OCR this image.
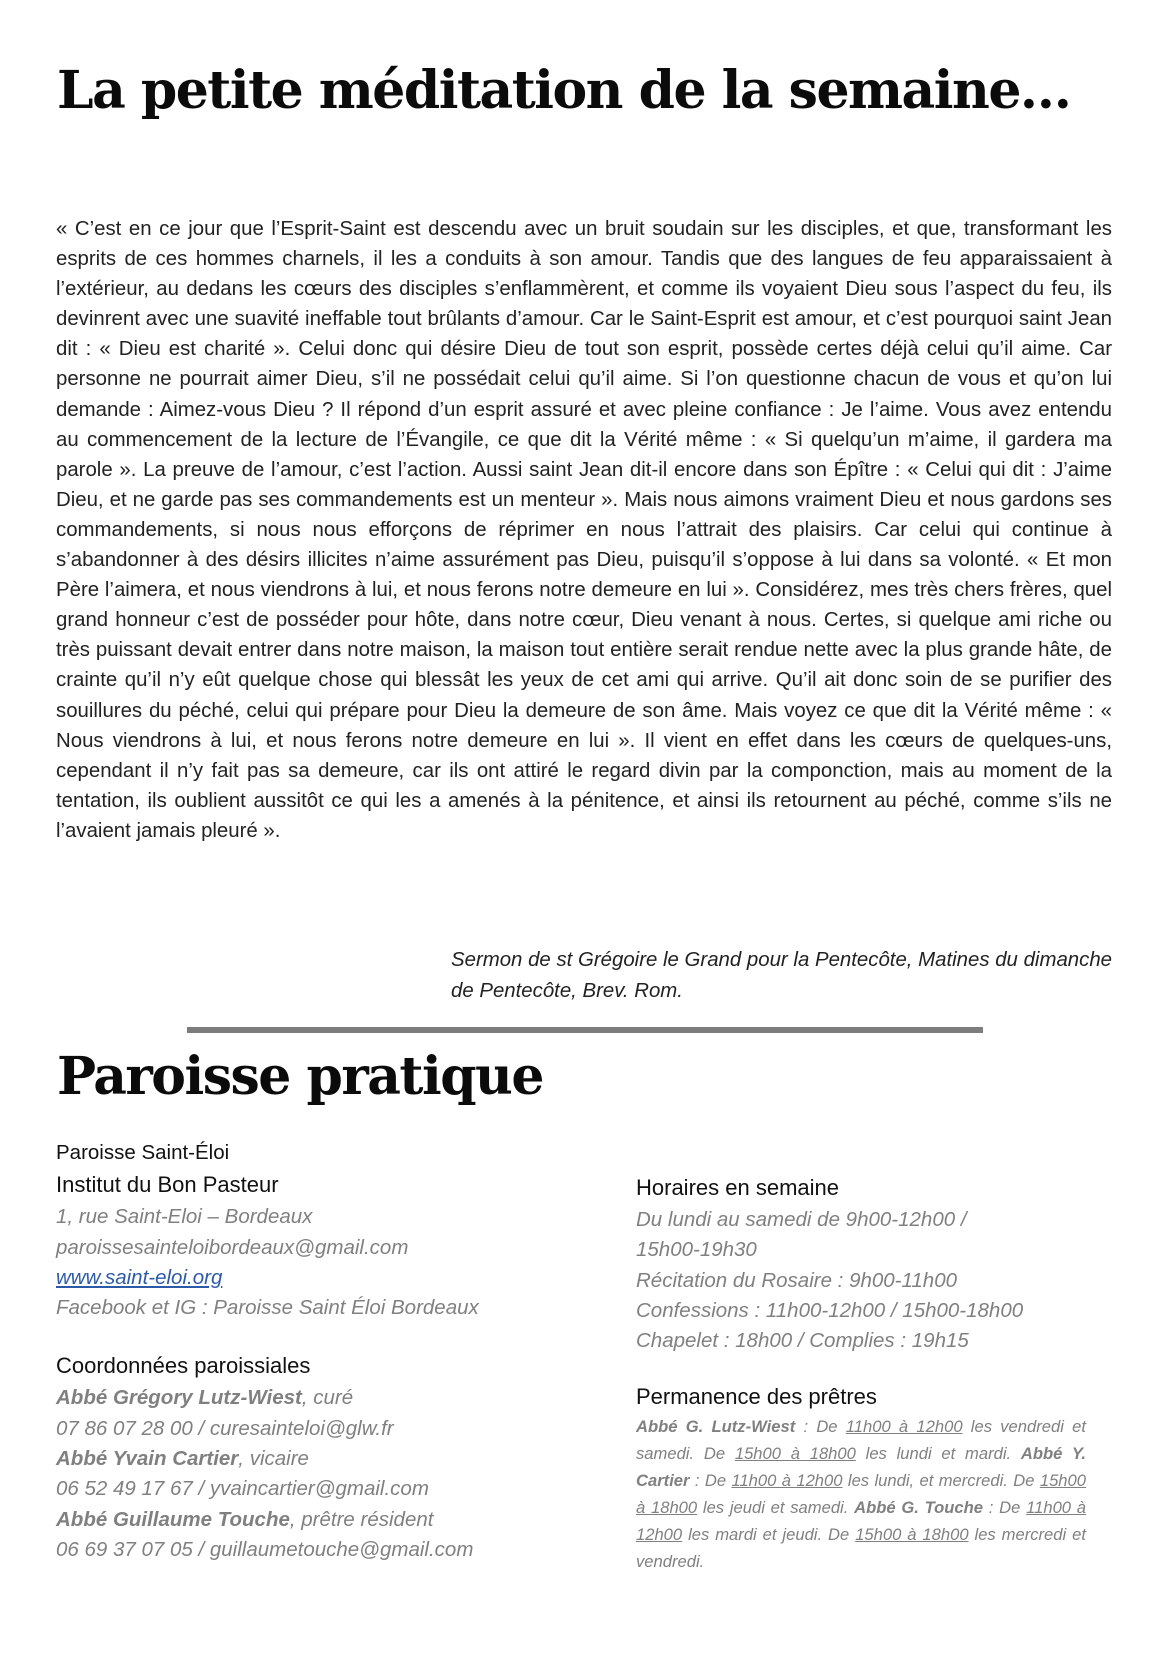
La petite méditation de la semaine…

« C’est en ce jour que l’Esprit-Saint est descendu avec un bruit soudain sur les disciples, et que, transformant les esprits de ces hommes charnels, il les a conduits à son amour. Tandis que des langues de feu apparaissaient à l’extérieur, au dedans les cœurs des disciples s’enflammèrent, et comme ils voyaient Dieu sous l’aspect du feu, ils devinrent avec une suavité ineffable tout brûlants d’amour. Car le Saint-Esprit est amour, et c’est pourquoi saint Jean dit : « Dieu est charité ». Celui donc qui désire Dieu de tout son esprit, possède certes déjà celui qu’il aime. Car personne ne pourrait aimer Dieu, s’il ne possédait celui qu’il aime. Si l’on questionne chacun de vous et qu’on lui demande : Aimez-vous Dieu ? Il répond d’un esprit assuré et avec pleine confiance : Je l’aime. Vous avez entendu au commencement de la lecture de l’Évangile, ce que dit la Vérité même : « Si quelqu’un m’aime, il gardera ma parole ». La preuve de l’amour, c’est l’action. Aussi saint Jean dit-il encore dans son Épître : « Celui qui dit : J’aime Dieu, et ne garde pas ses commandements est un menteur ». Mais nous aimons vraiment Dieu et nous gardons ses commandements, si nous nous efforçons de réprimer en nous l’attrait des plaisirs. Car celui qui continue à s’abandonner à des désirs illicites n’aime assurément pas Dieu, puisqu’il s’oppose à lui dans sa volonté. « Et mon Père l’aimera, et nous viendrons à lui, et nous ferons notre demeure en lui ». Considérez, mes très chers frères, quel grand honneur c’est de posséder pour hôte, dans notre cœur, Dieu venant à nous. Certes, si quelque ami riche ou très puissant devait entrer dans notre maison, la maison tout entière serait rendue nette avec la plus grande hâte, de crainte qu’il n’y eût quelque chose qui blessât les yeux de cet ami qui arrive. Qu’il ait donc soin de se purifier des souillures du péché, celui qui prépare pour Dieu la demeure de son âme. Mais voyez ce que dit la Vérité même : « Nous viendrons à lui, et nous ferons notre demeure en lui ». Il vient en effet dans les cœurs de quelques-uns, cependant il n’y fait pas sa demeure, car ils ont attiré le regard divin par la componction, mais au moment de la tentation, ils oublient aussitôt ce qui les a amenés à la pénitence, et ainsi ils retournent au péché, comme s’ils ne l’avaient jamais pleuré ».

Sermon de st Grégoire le Grand pour la Pentecôte, Matines du dimanche de Pentecôte, Brev. Rom.

Paroisse pratique
Paroisse Saint-Éloi
Institut du Bon Pasteur
1, rue Saint-Eloi – Bordeaux
paroissesainteloibordeaux@gmail.com
www.saint-eloi.org
Facebook et IG : Paroisse Saint Éloi Bordeaux
Coordonnées paroissiales
Abbé Grégory Lutz-Wiest, curé
07 86 07 28 00 / curesainteloi@glw.fr
Abbé Yvain Cartier, vicaire
06 52 49 17 67 / yvaincartier@gmail.com
Abbé Guillaume Touche, prêtre résident
06 69 37 07 05 / guillaumetouche@gmail.com
Horaires en semaine
Du lundi au samedi de 9h00-12h00 /
15h00-19h30
Récitation du Rosaire : 9h00-11h00
Confessions : 11h00-12h00 / 15h00-18h00
Chapelet : 18h00 / Complies : 19h15
Permanence des prêtres

Abbé G. Lutz-Wiest : De 11h00 à 12h00 les vendredi et samedi. De 15h00 à 18h00 les lundi et mardi. Abbé Y. Cartier : De 11h00 à 12h00 les lundi, et mercredi. De 15h00 à 18h00 les jeudi et samedi. Abbé G. Touche : De 11h00 à 12h00 les mardi et jeudi. De 15h00 à 18h00 les mercredi et vendredi.
